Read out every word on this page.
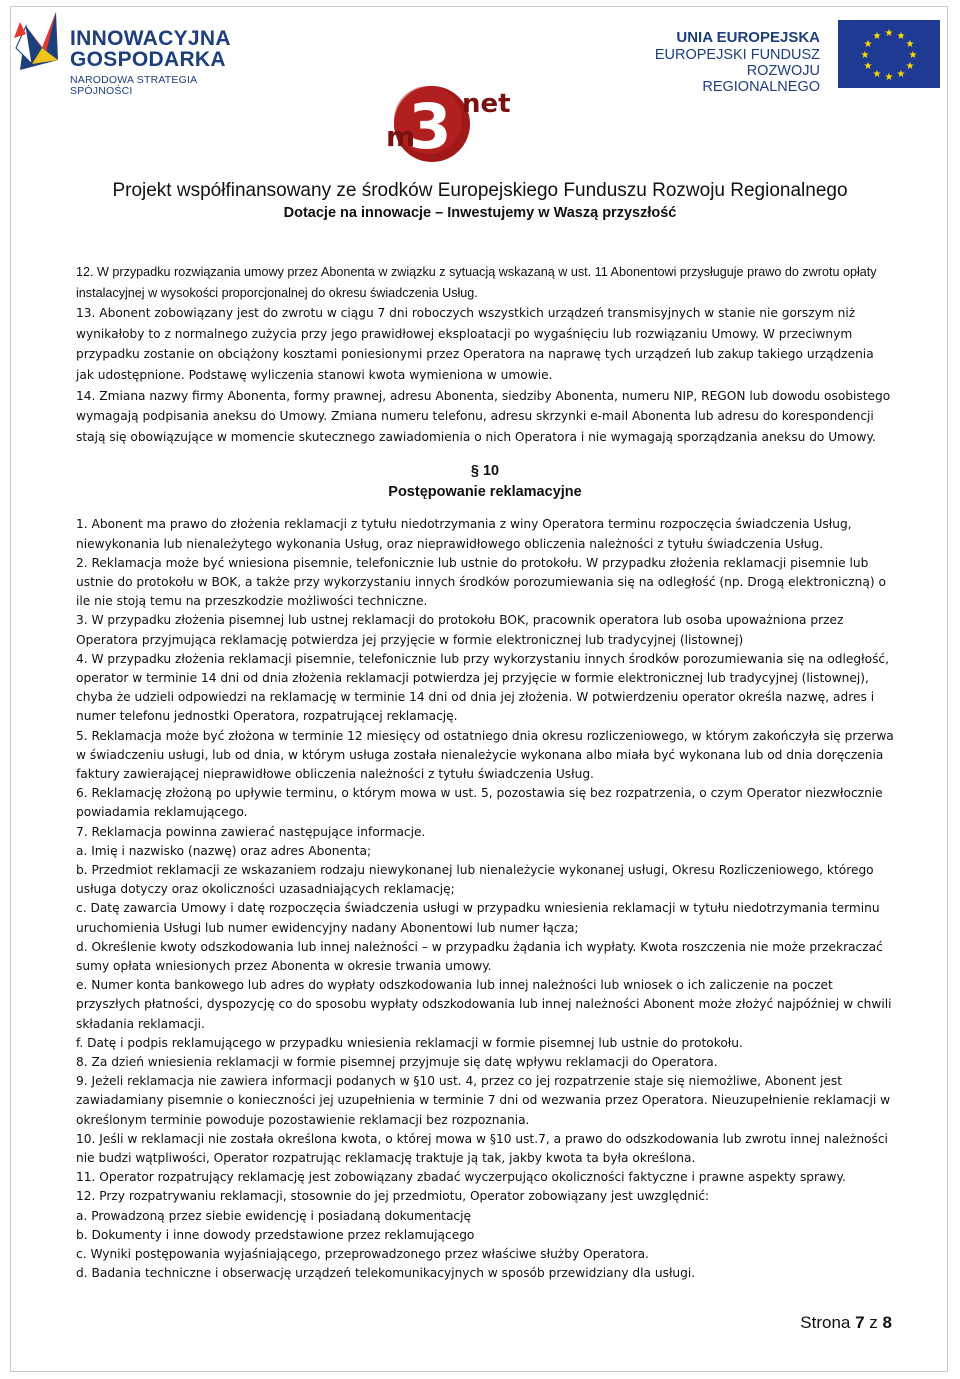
INNOWACYJNA
GOSPODARKA
NARODOWA STRATEGIA SPÓJNOŚCI
UNIA EUROPEJSKA
EUROPEJSKI FUNDUSZ
ROZWOJU REGIONALNEGO
★ ★
★
★
★
★
★
★
★
★
★
★
3
m
net
Projekt współfinansowany ze środków Europejskiego Funduszu Rozwoju Regionalnego
Dotacje na innowacje – Inwestujemy w Waszą przyszłość

12. W przypadku rozwiązania umowy przez Abonenta w związku z sytuacją wskazaną w ust. 11 Abonentowi przysługuje prawo do zwrotu opłaty instalacyjnej w wysokości proporcjonalnej do okresu świadczenia Usług.

13. Abonent zobowiązany jest do zwrotu w ciągu 7 dni roboczych wszystkich urządzeń transmisyjnych w stanie nie gorszym niż wynikałoby to z normalnego zużycia przy jego prawidłowej eksploatacji po wygaśnięciu lub rozwiązaniu Umowy. W przeciwnym przypadku zostanie on obciążony kosztami poniesionymi przez Operatora na naprawę tych urządzeń lub zakup takiego urządzenia jak udostępnione. Podstawę wyliczenia stanowi kwota wymieniona w umowie.

14. Zmiana nazwy firmy Abonenta, formy prawnej, adresu Abonenta, siedziby Abonenta, numeru NIP, REGON lub dowodu osobistego wymagają podpisania aneksu do Umowy. Zmiana numeru telefonu, adresu skrzynki e-mail Abonenta lub adresu do korespondencji stają się obowiązujące w momencie skutecznego zawiadomienia o nich Operatora i nie wymagają sporządzania aneksu do Umowy.

§ 10

Postępowanie reklamacyjne

1. Abonent ma prawo do złożenia reklamacji z tytułu niedotrzymania z winy Operatora terminu rozpoczęcia świadczenia Usług, niewykonania lub nienależytego wykonania Usług, oraz nieprawidłowego obliczenia należności z tytułu świadczenia Usług.

2. Reklamacja może być wniesiona pisemnie, telefonicznie lub ustnie do protokołu. W przypadku złożenia reklamacji pisemnie lub ustnie do protokołu w BOK, a także przy wykorzystaniu innych środków porozumiewania się na odległość (np. Drogą elektroniczną) o ile nie stoją temu na przeszkodzie możliwości techniczne.

3. W przypadku złożenia pisemnej lub ustnej reklamacji do protokołu BOK, pracownik operatora lub osoba upoważniona przez Operatora przyjmująca reklamację potwierdza jej przyjęcie w formie elektronicznej lub tradycyjnej (listownej)

4. W przypadku złożenia reklamacji pisemnie, telefonicznie lub przy wykorzystaniu innych środków porozumiewania się na odległość, operator w terminie 14 dni od dnia złożenia reklamacji potwierdza jej przyjęcie w formie elektronicznej lub tradycyjnej (listownej), chyba że udzieli odpowiedzi na reklamację w terminie 14 dni od dnia jej złożenia. W potwierdzeniu operator określa nazwę, adres i numer telefonu jednostki Operatora, rozpatrującej reklamację.

5. Reklamacja może być złożona w terminie 12 miesięcy od ostatniego dnia okresu rozliczeniowego, w którym zakończyła się przerwa w świadczeniu usługi, lub od dnia, w którym usługa została nienależycie wykonana albo miała być wykonana lub od dnia doręczenia faktury zawierającej nieprawidłowe obliczenia należności z tytułu świadczenia Usług.

6. Reklamację złożoną po upływie terminu, o którym mowa w ust. 5, pozostawia się bez rozpatrzenia, o czym Operator niezwłocznie powiadamia reklamującego.

7. Reklamacja powinna zawierać następujące informacje.

a. Imię i nazwisko (nazwę) oraz adres Abonenta;

b. Przedmiot reklamacji ze wskazaniem rodzaju niewykonanej lub nienależycie wykonanej usługi, Okresu Rozliczeniowego, którego usługa dotyczy oraz okoliczności uzasadniających reklamację;

c. Datę zawarcia Umowy i datę rozpoczęcia świadczenia usługi w przypadku wniesienia reklamacji w tytułu niedotrzymania terminu uruchomienia Usługi lub numer ewidencyjny nadany Abonentowi lub numer łącza;

d. Określenie kwoty odszkodowania lub innej należności – w przypadku żądania ich wypłaty. Kwota roszczenia nie może przekraczać sumy opłata wniesionych przez Abonenta w okresie trwania umowy.

e. Numer konta bankowego lub adres do wypłaty odszkodowania lub innej należności lub wniosek o ich zaliczenie na poczet przyszłych płatności, dyspozycję co do sposobu wypłaty odszkodowania lub innej należności Abonent może złożyć najpóźniej w chwili składania reklamacji.

f. Datę i podpis reklamującego w przypadku wniesienia reklamacji w formie pisemnej lub ustnie do protokołu.

8. Za dzień wniesienia reklamacji w formie pisemnej przyjmuje się datę wpływu reklamacji do Operatora.

9. Jeżeli reklamacja nie zawiera informacji podanych w §10 ust. 4, przez co jej rozpatrzenie staje się niemożliwe, Abonent jest zawiadamiany pisemnie o konieczności jej uzupełnienia w terminie 7 dni od wezwania przez Operatora. Nieuzupełnienie reklamacji w określonym terminie powoduje pozostawienie reklamacji bez rozpoznania.

10. Jeśli w reklamacji nie została określona kwota, o której mowa w §10 ust.7, a prawo do odszkodowania lub zwrotu innej należności nie budzi wątpliwości, Operator rozpatrując reklamację traktuje ją tak, jakby kwota ta była określona.

11. Operator rozpatrujący reklamację jest zobowiązany zbadać wyczerpująco okoliczności faktyczne i prawne aspekty sprawy.

12. Przy rozpatrywaniu reklamacji, stosownie do jej przedmiotu, Operator zobowiązany jest uwzględnić:

a. Prowadzoną przez siebie ewidencję i posiadaną dokumentację

b. Dokumenty i inne dowody przedstawione przez reklamującego

c. Wyniki postępowania wyjaśniającego, przeprowadzonego przez właściwe służby Operatora.

d. Badania techniczne i obserwację urządzeń telekomunikacyjnych w sposób przewidziany dla usługi.

Strona 7 z 8
